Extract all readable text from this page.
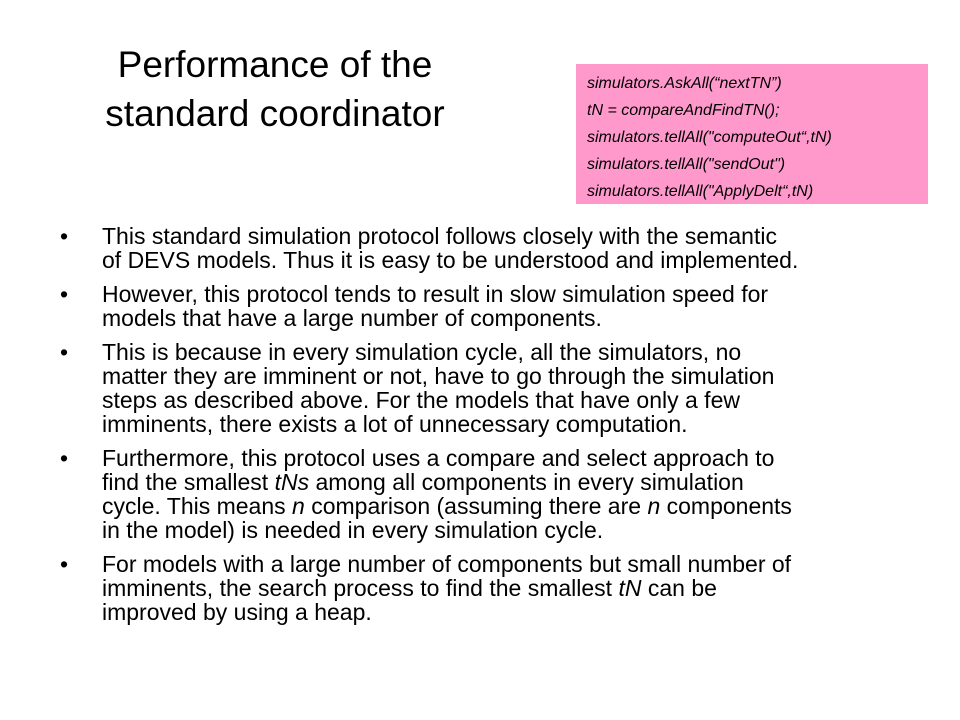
Performance of the
standard coordinator
simulators.AskAll(“nextTN”)
tN = compareAndFindTN();
simulators.tellAll("computeOut“,tN)
simulators.tellAll("sendOut")
simulators.tellAll("ApplyDelt“,tN)
• This standard simulation protocol follows closely with the semantic
of DEVS models. Thus it is easy to be understood and implemented.
• However, this protocol tends to result in slow simulation speed for
models that have a large number of components.
• This is because in every simulation cycle, all the simulators, no
matter they are imminent or not, have to go through the simulation
steps as described above. For the models that have only a few
imminents, there exists a lot of unnecessary computation.
• Furthermore, this protocol uses a compare and select approach to
find the smallest tNs among all components in every simulation
cycle. This means n comparison (assuming there are n components
in the model) is needed in every simulation cycle.
• For models with a large number of components but small number of
imminents, the search process to find the smallest tN can be
improved by using a heap.
